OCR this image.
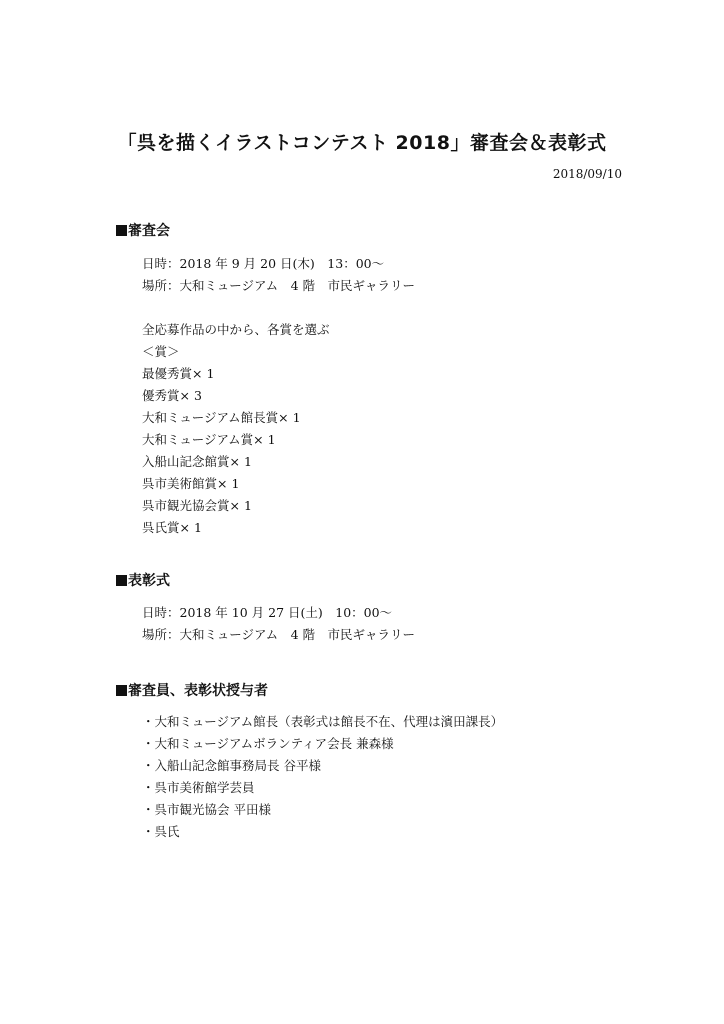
「呉を描くイラストコンテスト 2018」審査会＆表彰式
2018/09/10
審査会
日時：2018 年 9 月 20 日(木)　13：00～
場所：大和ミュージアム　4 階　市民ギャラリー
全応募作品の中から、各賞を選ぶ
＜賞＞
最優秀賞× 1
優秀賞× 3
大和ミュージアム館長賞× 1
大和ミュージアム賞× 1
入船山記念館賞× 1
呉市美術館賞× 1
呉市観光協会賞× 1
呉氏賞× 1
表彰式
日時：2018 年 10 月 27 日(土)　10：00～
場所：大和ミュージアム　4 階　市民ギャラリー
審査員、表彰状授与者
・大和ミュージアム館長（表彰式は館長不在、代理は濱田課長）
・大和ミュージアムボランティア会長 兼森様
・入船山記念館事務局長 谷平様
・呉市美術館学芸員
・呉市観光協会 平田様
・呉氏
